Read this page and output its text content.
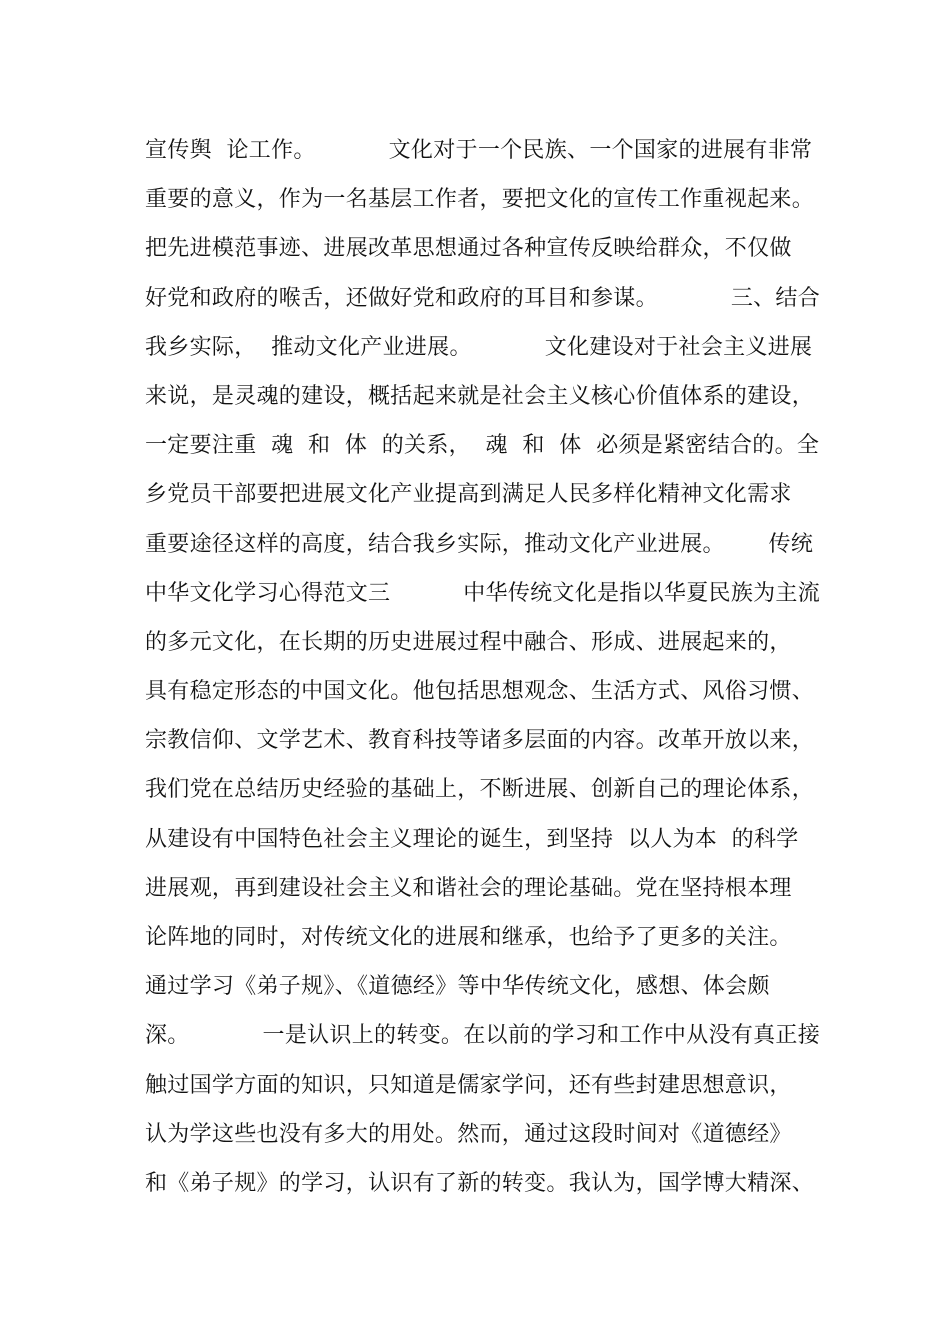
宣传舆  论工作。          文化对于一个民族、一个国家的进展有非常
重要的意义，作为一名基层工作者，要把文化的宣传工作重视起来。
把先进模范事迹、进展改革思想通过各种宣传反映给群众，不仅做
好党和政府的喉舌，还做好党和政府的耳目和参谋。          三、结合
我乡实际，  推动文化产业进展。          文化建设对于社会主义进展
来说，是灵魂的建设，概括起来就是社会主义核心价值体系的建设，
一定要注重  魂  和  体  的关系，  魂  和  体  必须是紧密结合的。全
乡党员干部要把进展文化产业提高到满足人民多样化精神文化需求
重要途径这样的高度，结合我乡实际，推动文化产业进展。      传统
中华文化学习心得范文三          中华传统文化是指以华夏民族为主流
的多元文化，在长期的历史进展过程中融合、形成、进展起来的，
具有稳定形态的中国文化。他包括思想观念、生活方式、风俗习惯、
宗教信仰、文学艺术、教育科技等诸多层面的内容。改革开放以来，
我们党在总结历史经验的基础上，不断进展、创新自己的理论体系，
从建设有中国特色社会主义理论的诞生，到坚持  以人为本  的科学
进展观，再到建设社会主义和谐社会的理论基础。党在坚持根本理
论阵地的同时，对传统文化的进展和继承，也给予了更多的关注。
通过学习《弟子规》、《道德经》等中华传统文化，感想、体会颇
深。          一是认识上的转变。在以前的学习和工作中从没有真正接
触过国学方面的知识，只知道是儒家学问，还有些封建思想意识，
认为学这些也没有多大的用处。然而，通过这段时间对《道德经》
和《弟子规》的学习，认识有了新的转变。我认为，国学博大精深、
